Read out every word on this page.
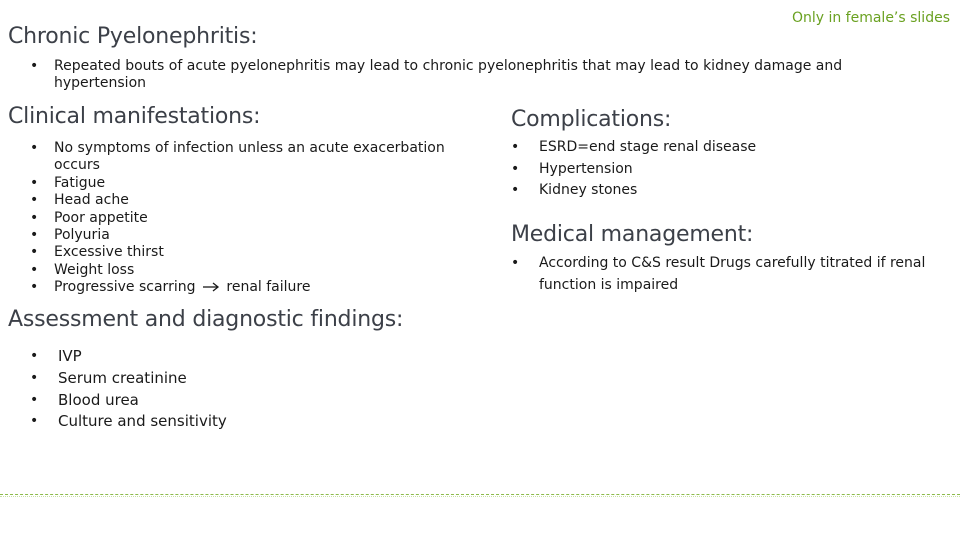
Chronic Pyelonephritis:
Only in female’s slides
• Repeated bouts of acute pyelonephritis may lead to chronic pyelonephritis that may lead to kidney damage and
hypertension
Clinical manifestations:
• No symptoms of infection unless an acute exacerbation
occurs
• Fatigue
• Head ache
• Poor appetite
• Polyuria
• Excessive thirst
• Weight loss
• Progressive scarring renal failure
Assessment and diagnostic findings:
• IVP
• Serum creatinine
• Blood urea
• Culture and sensitivity
Complications:
• ESRD=end stage renal disease
• Hypertension
• Kidney stones
Medical management:
• According to C&S result Drugs carefully titrated if renal
function is impaired
